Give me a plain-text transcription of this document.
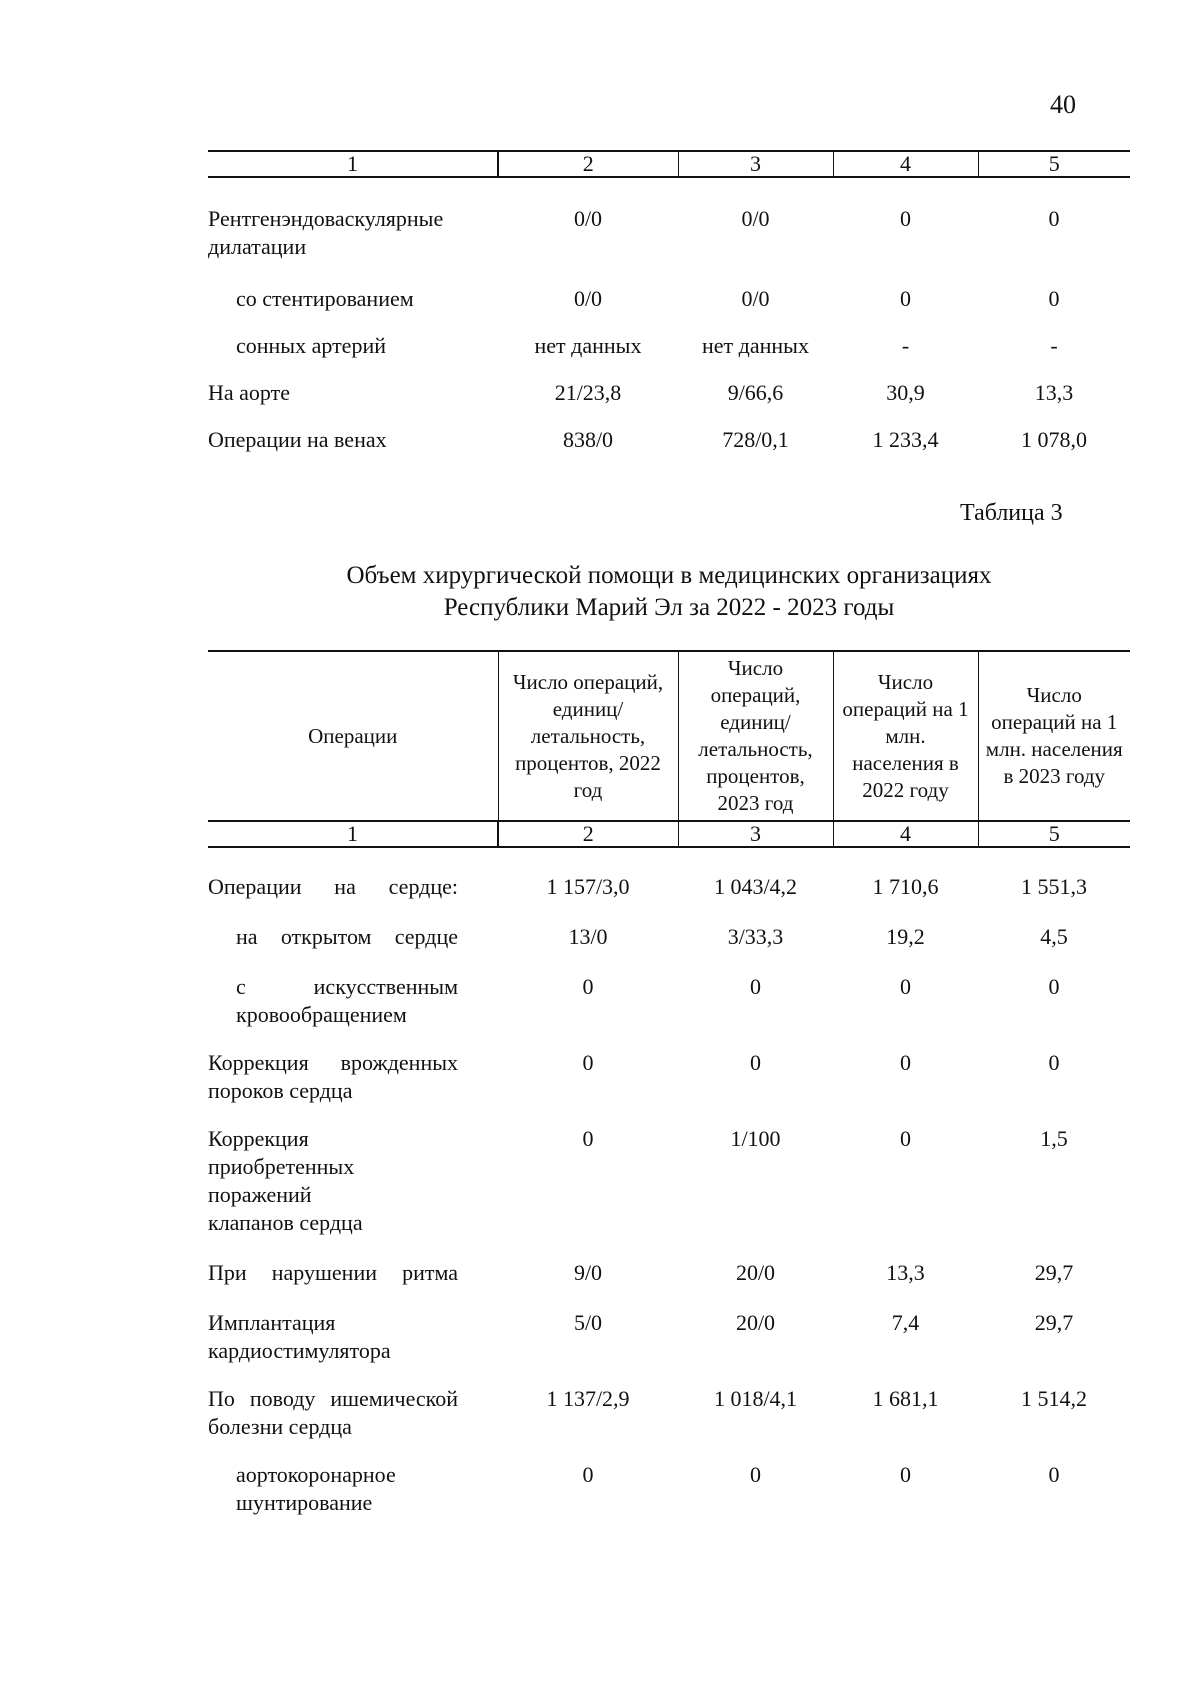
40
1	2	3	4	5

Рентгенэндоваскулярные дилатации	0/0	0/0	0	0
со стентированием	0/0	0/0	0	0
сонных артерий	нет данных	нет данных	-	-
На аорте	21/23,8	9/66,6	30,9	13,3
Операции на венах	838/0	728/0,1	1 233,4	1 078,0
Таблица 3
Объем хирургической помощи в медицинских организациях
Республики Марий Эл за 2022 - 2023 годы
Операции	Число операций, единиц/ летальность, процентов, 2022 год	Число операций, единиц/ летальность, процентов, 2023 год	Число операций на 1 млн. населения в 2022 году	Число операций на 1 млн. населения в 2023 году
1	2	3	4	5

Операции на сердце:	1 157/3,0	1 043/4,2	1 710,6	1 551,3
на открытом сердце	13/0	3/33,3	19,2	4,5
с искусственным кровообращением	0	0	0	0
Коррекция врожденных пороков сердца	0	0	0	0
Коррекция приобретенных поражений клапанов сердца	0	1/100	0	1,5
При нарушении ритма	9/0	20/0	13,3	29,7
Имплантация кардиостимулятора	5/0	20/0	7,4	29,7
По поводу ишемической болезни сердца	1 137/2,9	1 018/4,1	1 681,1	1 514,2
аортокоронарное шунтирование	0	0	0	0
